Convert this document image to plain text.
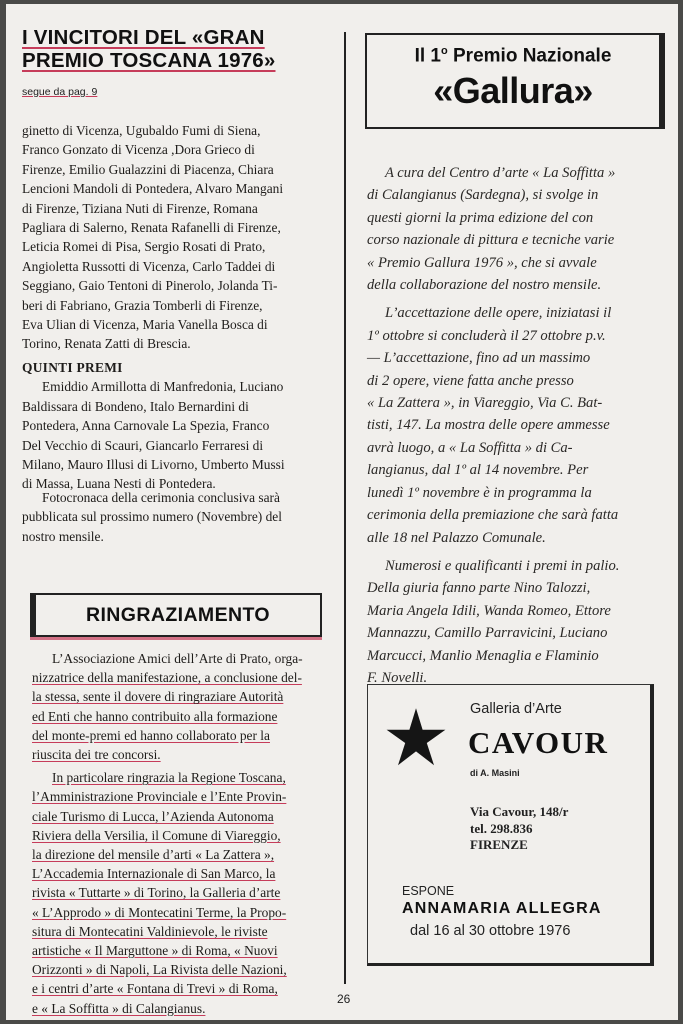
I VINCITORI DEL «GRAN
PREMIO TOSCANA 1976»
segue da pag. 9

ginetto di Vicenza, Ugubaldo Fumi di Siena,

Franco Gonzato di Vicenza ,Dora Grieco di

Firenze, Emilio Gualazzini di Piacenza, Chiara

Lencioni Mandoli di Pontedera, Alvaro Mangani

di Firenze, Tiziana Nuti di Firenze, Romana

Pagliara di Salerno, Renata Rafanelli di Firenze,

Leticia Romei di Pisa, Sergio Rosati di Prato,

Angioletta Russotti di Vicenza, Carlo Taddei di

Seggiano, Gaio Tentoni di Pinerolo, Jolanda Ti-

beri di Fabriano, Grazia Tomberli di Firenze,

Eva Ulian di Vicenza, Maria Vanella Bosca di

Torino, Renata Zatti di Brescia.

QUINTI PREMI

Emiddio Armillotta di Manfredonia, Luciano

Baldissara di Bondeno, Italo Bernardini di

Pontedera, Anna Carnovale La Spezia, Franco

Del Vecchio di Scauri, Giancarlo Ferraresi di

Milano, Mauro Illusi di Livorno, Umberto Mussi

di Massa, Luana Nesti di Pontedera.

Fotocronaca della cerimonia conclusiva sarà

pubblicata sul prossimo numero (Novembre) del

nostro mensile.

RINGRAZIAMENTO

L’Associazione Amici dell’Arte di Prato, orga-

nizzatrice della manifestazione, a conclusione del-

la stessa, sente il dovere di ringraziare Autorità

ed Enti che hanno contribuito alla formazione

del monte-premi ed hanno collaborato per la

riuscita dei tre concorsi.

In particolare ringrazia la Regione Toscana,

l’Amministrazione Provinciale e l’Ente Provin-

ciale Turismo di Lucca, l’Azienda Autonoma

Riviera della Versilia, il Comune di Viareggio,

la direzione del mensile d’arti « La Zattera »,

L’Accademia Internazionale di San Marco, la

rivista « Tuttarte » di Torino, la Galleria d’arte

« L’Approdo » di Montecatini Terme, la Propo-

situra di Montecatini Valdinievole, le riviste

artistiche « Il Marguttone » di Roma, « Nuovi

Orizzonti » di Napoli, La Rivista delle Nazioni,

e i centri d’arte « Fontana di Trevi » di Roma,

e « La Soffitta » di Calangianus.

Il 1$^o$ Premio Nazionale
«Gallura»

A cura del Centro d’arte « La Soffitta »

di Calangianus (Sardegna), si svolge in

questi giorni la prima edizione del con

corso nazionale di pittura e tecniche varie

« Premio Gallura 1976 », che si avvale

della collaborazione del nostro mensile.

L’accettazione delle opere, iniziatasi il

1º ottobre si concluderà il 27 ottobre p.v.

— L’accettazione, fino ad un massimo

di 2 opere, viene fatta anche presso

« La Zattera », in Viareggio, Via C. Bat-

tisti, 147. La mostra delle opere ammesse

avrà luogo, a « La Soffitta » di Ca-

langianus, dal 1º al 14 novembre. Per

lunedì 1º novembre è in programma la

cerimonia della premiazione che sarà fatta

alle 18 nel Palazzo Comunale.

Numerosi e qualificanti i premi in palio.

Della giuria fanno parte Nino Talozzi,

Maria Angela Idili, Wanda Romeo, Ettore

Mannazzu, Camillo Parravicini, Luciano

Marcucci, Manlio Menaglia e Flaminio

F. Novelli.

Galleria d’Arte
CAVOUR
di A. Masini
Via Cavour, 148/r
tel. 298.836
FIRENZE
ESPONE
ANNAMARIA ALLEGRA
dal 16 al 30 ottobre 1976
26
